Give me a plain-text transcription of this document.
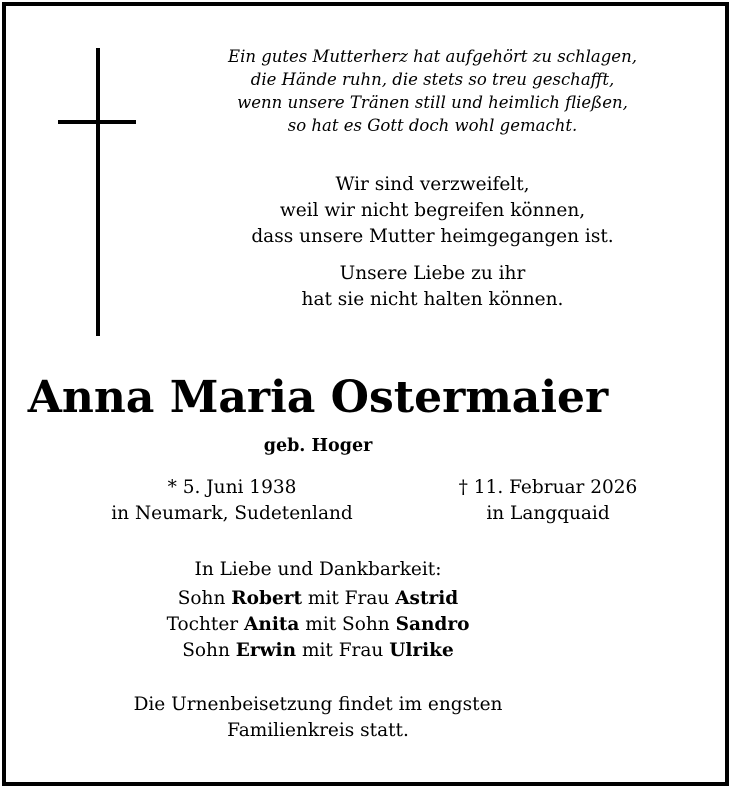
Ein gutes Mutterherz hat aufgehört zu schlagen,
die Hände ruhn, die stets so treu geschafft,
wenn unsere Tränen still und heimlich fließen,
so hat es Gott doch wohl gemacht.
Wir sind verzweifelt,
weil wir nicht begreifen können,
dass unsere Mutter heimgegangen ist.
Unsere Liebe zu ihr
hat sie nicht halten können.
Anna Maria Ostermaier
geb. Hoger
* 5. Juni 1938
in Neumark, Sudetenland
† 11. Februar 2026
in Langquaid
In Liebe und Dankbarkeit:
Sohn Robert mit Frau Astrid
Tochter Anita mit Sohn Sandro
Sohn Erwin mit Frau Ulrike
Die Urnenbeisetzung findet im engsten
Familienkreis statt.
